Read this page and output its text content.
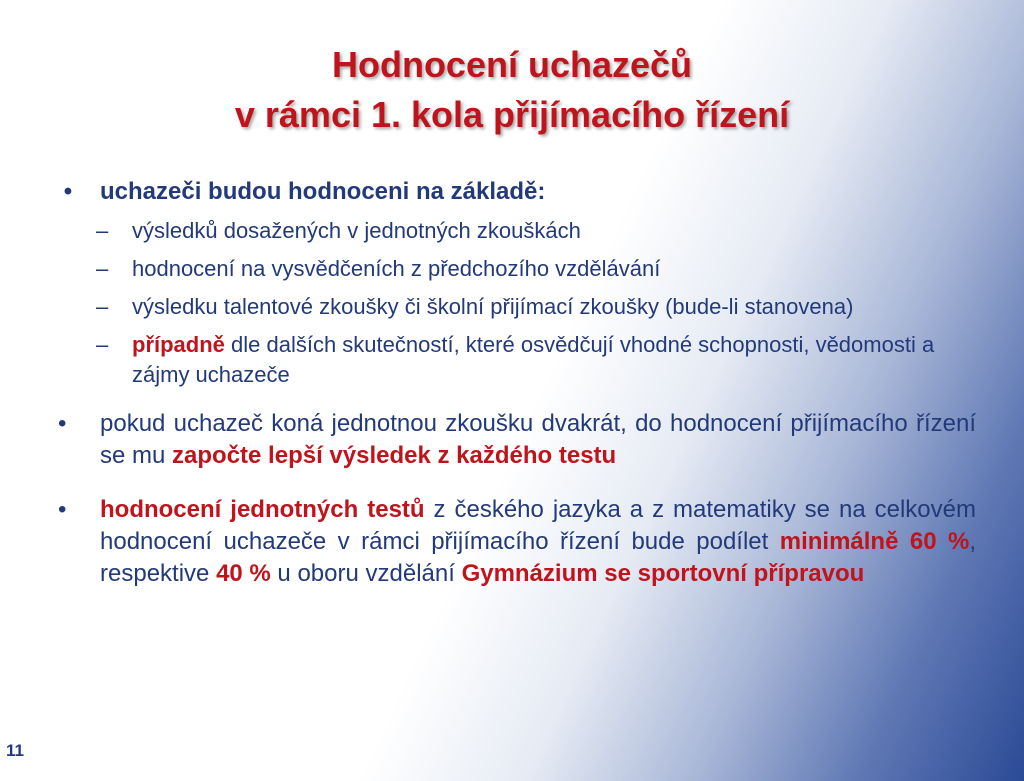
Hodnocení uchazečů
v rámci 1. kola přijímacího řízení
• uchazeči budou hodnoceni na základě:
– výsledků dosažených v jednotných zkouškách
– hodnocení na vysvědčeních z předchozího vzdělávání
– výsledku talentové zkoušky či školní přijímací zkoušky (bude-li stanovena)
– případně dle dalších skutečností, které osvědčují vhodné schopnosti, vědomosti a zájmy uchazeče
•	pokud uchazeč koná jednotnou zkoušku dvakrát, do hodnocení přijímacího řízení se mu započte lepší výsledek z každého testu
•	hodnocení jednotných testů z českého jazyka a z matematiky se na celkovém hodnocení uchazeče v rámci přijímacího řízení bude podílet minimálně 60 %, respektive 40 % u oboru vzdělání Gymnázium se sportovní přípravou
11
